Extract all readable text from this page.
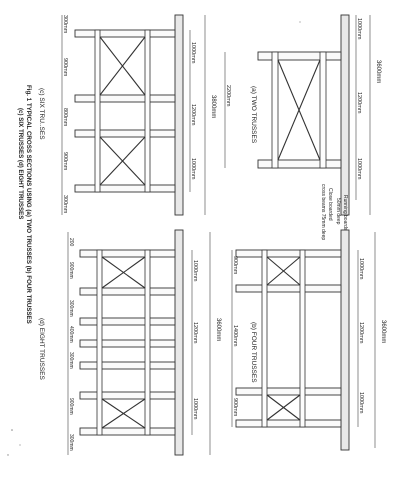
3600mm
1000mm
1200mm
1000mm
2200mm	(a) TWO TRUSSES
Running boards
50mm deep
Close boarded
cross beams 75mm deep
3600mm
1000mm
1200mm
1000mm
900mm
1400mm
900mm
(b) FOUR TRUSSES
3800mm
1000mm
1200mm
1000mm
300mm
900mm
800mm
900mm
300mm
(c) SIX TRU..SES
3600mm
1000mm
1200mm
1000mm
200
900mm
300mm
400mm
300mm
900mm
300mm
(d) EIGHT TRUSSES
Fig. 1 TYPICAL CROSS SECTIONS USING (a) TWO TRUSSES (b) FOUR TRUSSES
(c) SIX TRUSSES (d) EIGHT TRUSSES
